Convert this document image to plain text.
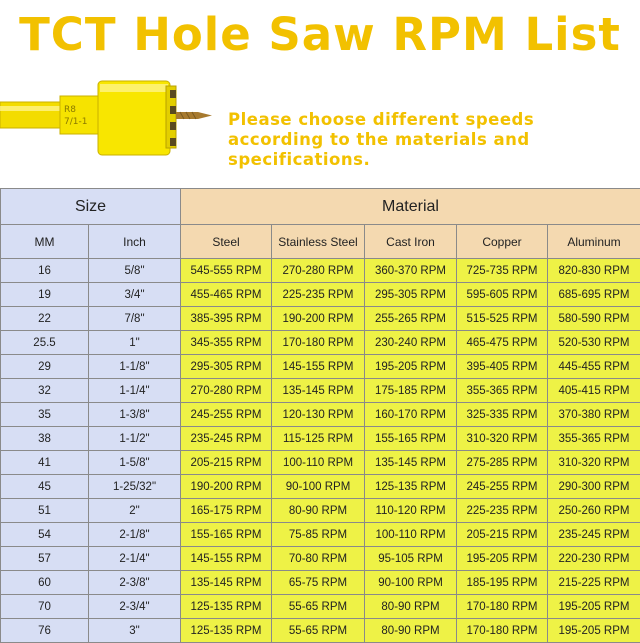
TCT Hole Saw RPM List
R8
7/1-1	Please choose different speeds according to the materials and specifications.
Size		Material				
MM	Inch	Steel	Stainless Steel	Cast Iron	Copper	Aluminum
16	5/8"	545-555 RPM	270-280 RPM	360-370 RPM	725-735 RPM	820-830 RPM
19	3/4"	455-465 RPM	225-235 RPM	295-305 RPM	595-605 RPM	685-695 RPM
22	7/8"	385-395 RPM	190-200 RPM	255-265 RPM	515-525 RPM	580-590 RPM
25.5	1"	345-355 RPM	170-180 RPM	230-240 RPM	465-475 RPM	520-530 RPM
29	1-1/8"	295-305 RPM	145-155 RPM	195-205 RPM	395-405 RPM	445-455 RPM
32	1-1/4"	270-280 RPM	135-145 RPM	175-185 RPM	355-365 RPM	405-415 RPM
35	1-3/8"	245-255 RPM	120-130 RPM	160-170 RPM	325-335 RPM	370-380 RPM
38	1-1/2"	235-245 RPM	115-125 RPM	155-165 RPM	310-320 RPM	355-365 RPM
41	1-5/8"	205-215 RPM	100-110 RPM	135-145 RPM	275-285 RPM	310-320 RPM
45	1-25/32"	190-200 RPM	90-100 RPM	125-135 RPM	245-255 RPM	290-300 RPM
51	2"	165-175 RPM	80-90 RPM	110-120 RPM	225-235 RPM	250-260 RPM
54	2-1/8"	155-165 RPM	75-85 RPM	100-110 RPM	205-215 RPM	235-245 RPM
57	2-1/4"	145-155 RPM	70-80 RPM	95-105 RPM	195-205 RPM	220-230 RPM
60	2-3/8"	135-145 RPM	65-75 RPM	90-100 RPM	185-195 RPM	215-225 RPM
70	2-3/4"	125-135 RPM	55-65 RPM	80-90 RPM	170-180 RPM	195-205 RPM
76	3"	125-135 RPM	55-65 RPM	80-90 RPM	170-180 RPM	195-205 RPM
